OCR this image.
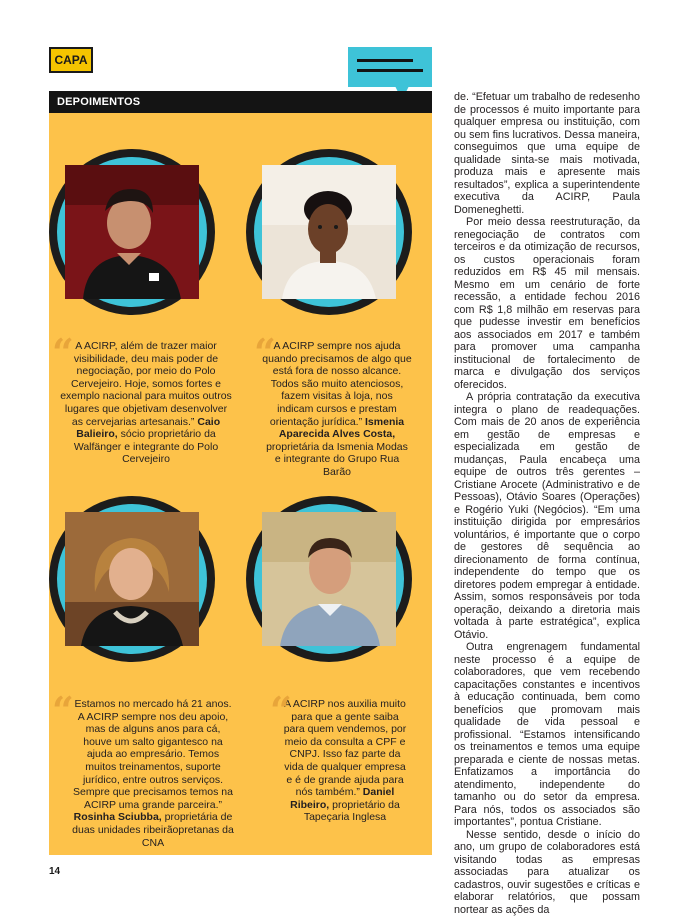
CAPA
DEPOIMENTOS
“ A ACIRP, além de trazer maior visibilidade, deu mais poder de negociação, por meio do Polo Cervejeiro. Hoje, somos fortes e exemplo nacional para muitos outros lugares que objetivam desenvolver as cervejarias artesanais.” Caio Balieiro, sócio proprietário da Walfänger e integrante do Polo Cervejeiro
“
A ACIRP sempre nos ajuda quando precisamos de algo que está fora de nosso alcance. Todos são muito atenciosos, fazem visitas à loja, nos indicam cursos e prestam orientação jurídica.” Ismenia Aparecida Alves Costa, proprietária da Ismenia Modas e integrante do Grupo Rua Barão
“ Estamos no mercado há 21 anos. A ACIRP sempre nos deu apoio, mas de alguns anos para cá, houve um salto gigantesco na ajuda ao empresário. Temos muitos treinamentos, suporte jurídico, entre outros serviços. Sempre que precisamos temos na ACIRP uma grande parceira.” Rosinha Sciubba, proprietária de duas unidades ribeirãopretanas da CNA
“
A ACIRP nos auxilia muito para que a gente saiba para quem vendemos, por meio da consulta a CPF e CNPJ. Isso faz parte da vida de qualquer empresa e é de grande ajuda para nós também.” Daniel Ribeiro, proprietário da Tapeçaria Inglesa

de. “Efetuar um trabalho de redesenho de processos é muito importante para qualquer empresa ou instituição, com ou sem fins lucrativos. Dessa maneira, conseguimos que uma equipe de qualidade sinta-se mais motivada, produza mais e apresente mais resultados”, explica a superintendente executiva da ACIRP, Paula Domeneghetti.

Por meio dessa reestruturação, da renegociação de contratos com terceiros e da otimização de recursos, os custos operacionais foram reduzidos em R$ 45 mil mensais. Mesmo em um cenário de forte recessão, a entidade fechou 2016 com R$ 1,8 milhão em reservas para que pudesse investir em benefícios aos associados em 2017 e também para promover uma campanha institucional de fortalecimento de marca e divulgação dos serviços oferecidos.

A própria contratação da executiva integra o plano de readequações. Com mais de 20 anos de experiência em gestão de empresas e especializada em gestão de mudanças, Paula encabeça uma equipe de outros três gerentes – Cristiane Arocete (Administrativo e de Pessoas), Otávio Soares (Operações) e Rogério Yuki (Negócios). “Em uma instituição dirigida por empresários voluntários, é importante que o corpo de gestores dê sequência ao direcionamento de forma contínua, independente do tempo que os diretores podem empregar à entidade. Assim, somos responsáveis por toda operação, deixando a diretoria mais voltada à parte estratégica”, explica Otávio.

Outra engrenagem fundamental neste processo é a equipe de colaboradores, que vem recebendo capacitações constantes e incentivos à educação continuada, bem como benefícios que promovam mais qualidade de vida pessoal e profissional. “Estamos intensificando os treinamentos e temos uma equipe preparada e ciente de nossas metas. Enfatizamos a importância do atendimento, independente do tamanho ou do setor da empresa. Para nós, todos os associados são importantes”, pontua Cristiane.

Nesse sentido, desde o início do ano, um grupo de colaboradores está visitando todas as empresas associadas para atualizar os cadastros, ouvir sugestões e críticas e elaborar relatórios, que possam nortear as ações da

14
